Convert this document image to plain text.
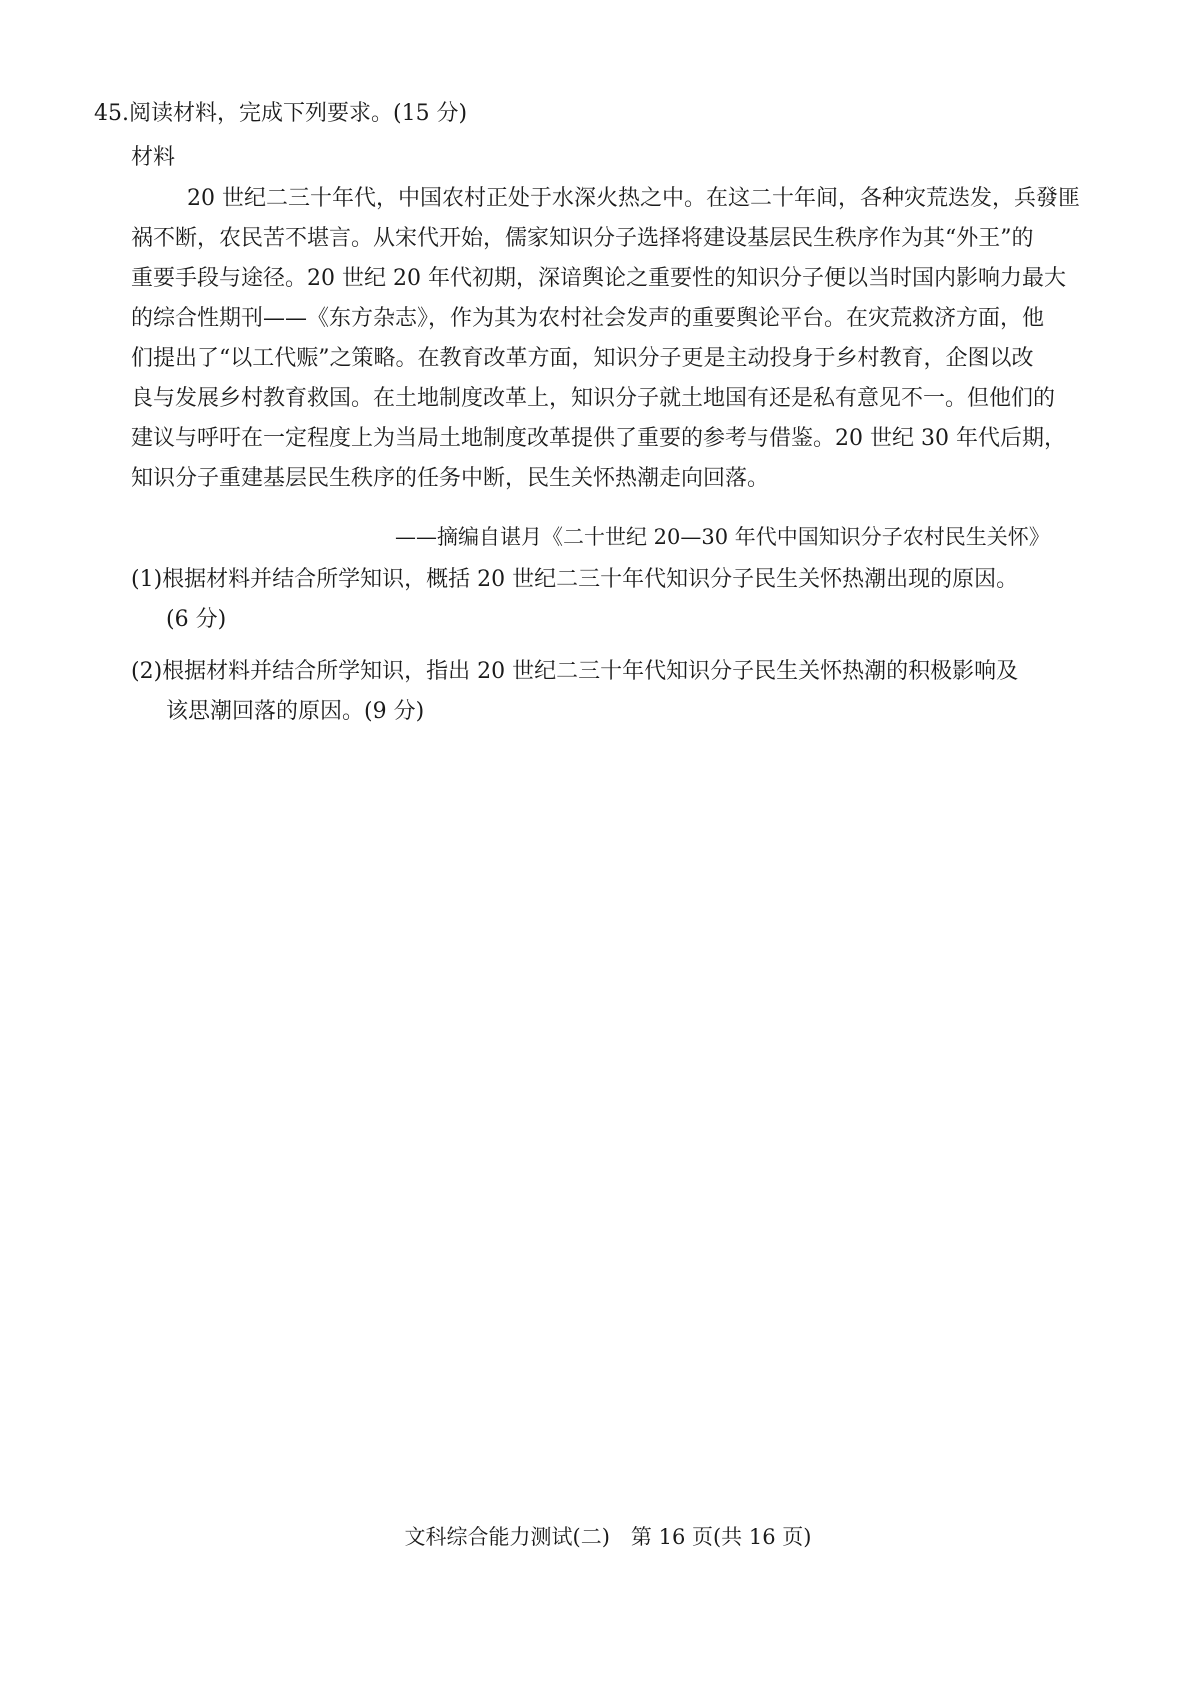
45.阅读材料，完成下列要求。(15 分)
材料
20 世纪二三十年代，中国农村正处于水深火热之中。在这二十年间，各种灾荒迭发，兵發匪
祸不断，农民苦不堪言。从宋代开始，儒家知识分子选择将建设基层民生秩序作为其“外王”的
重要手段与途径。20 世纪 20 年代初期，深谙舆论之重要性的知识分子便以当时国内影响力最大
的综合性期刊——《东方杂志》，作为其为农村社会发声的重要舆论平台。在灾荒救济方面，他
们提出了“以工代赈”之策略。在教育改革方面，知识分子更是主动投身于乡村教育，企图以改
良与发展乡村教育救国。在土地制度改革上，知识分子就土地国有还是私有意见不一。但他们的
建议与呼吁在一定程度上为当局土地制度改革提供了重要的参考与借鉴。20 世纪 30 年代后期，
知识分子重建基层民生秩序的任务中断，民生关怀热潮走向回落。
——摘编自谌月《二十世纪 20—30 年代中国知识分子农村民生关怀》
(1)根据材料并结合所学知识，概括 20 世纪二三十年代知识分子民生关怀热潮出现的原因。
(6 分)
(2)根据材料并结合所学知识，指出 20 世纪二三十年代知识分子民生关怀热潮的积极影响及
该思潮回落的原因。(9 分)
文科综合能力测试(二)　第 16 页(共 16 页)
